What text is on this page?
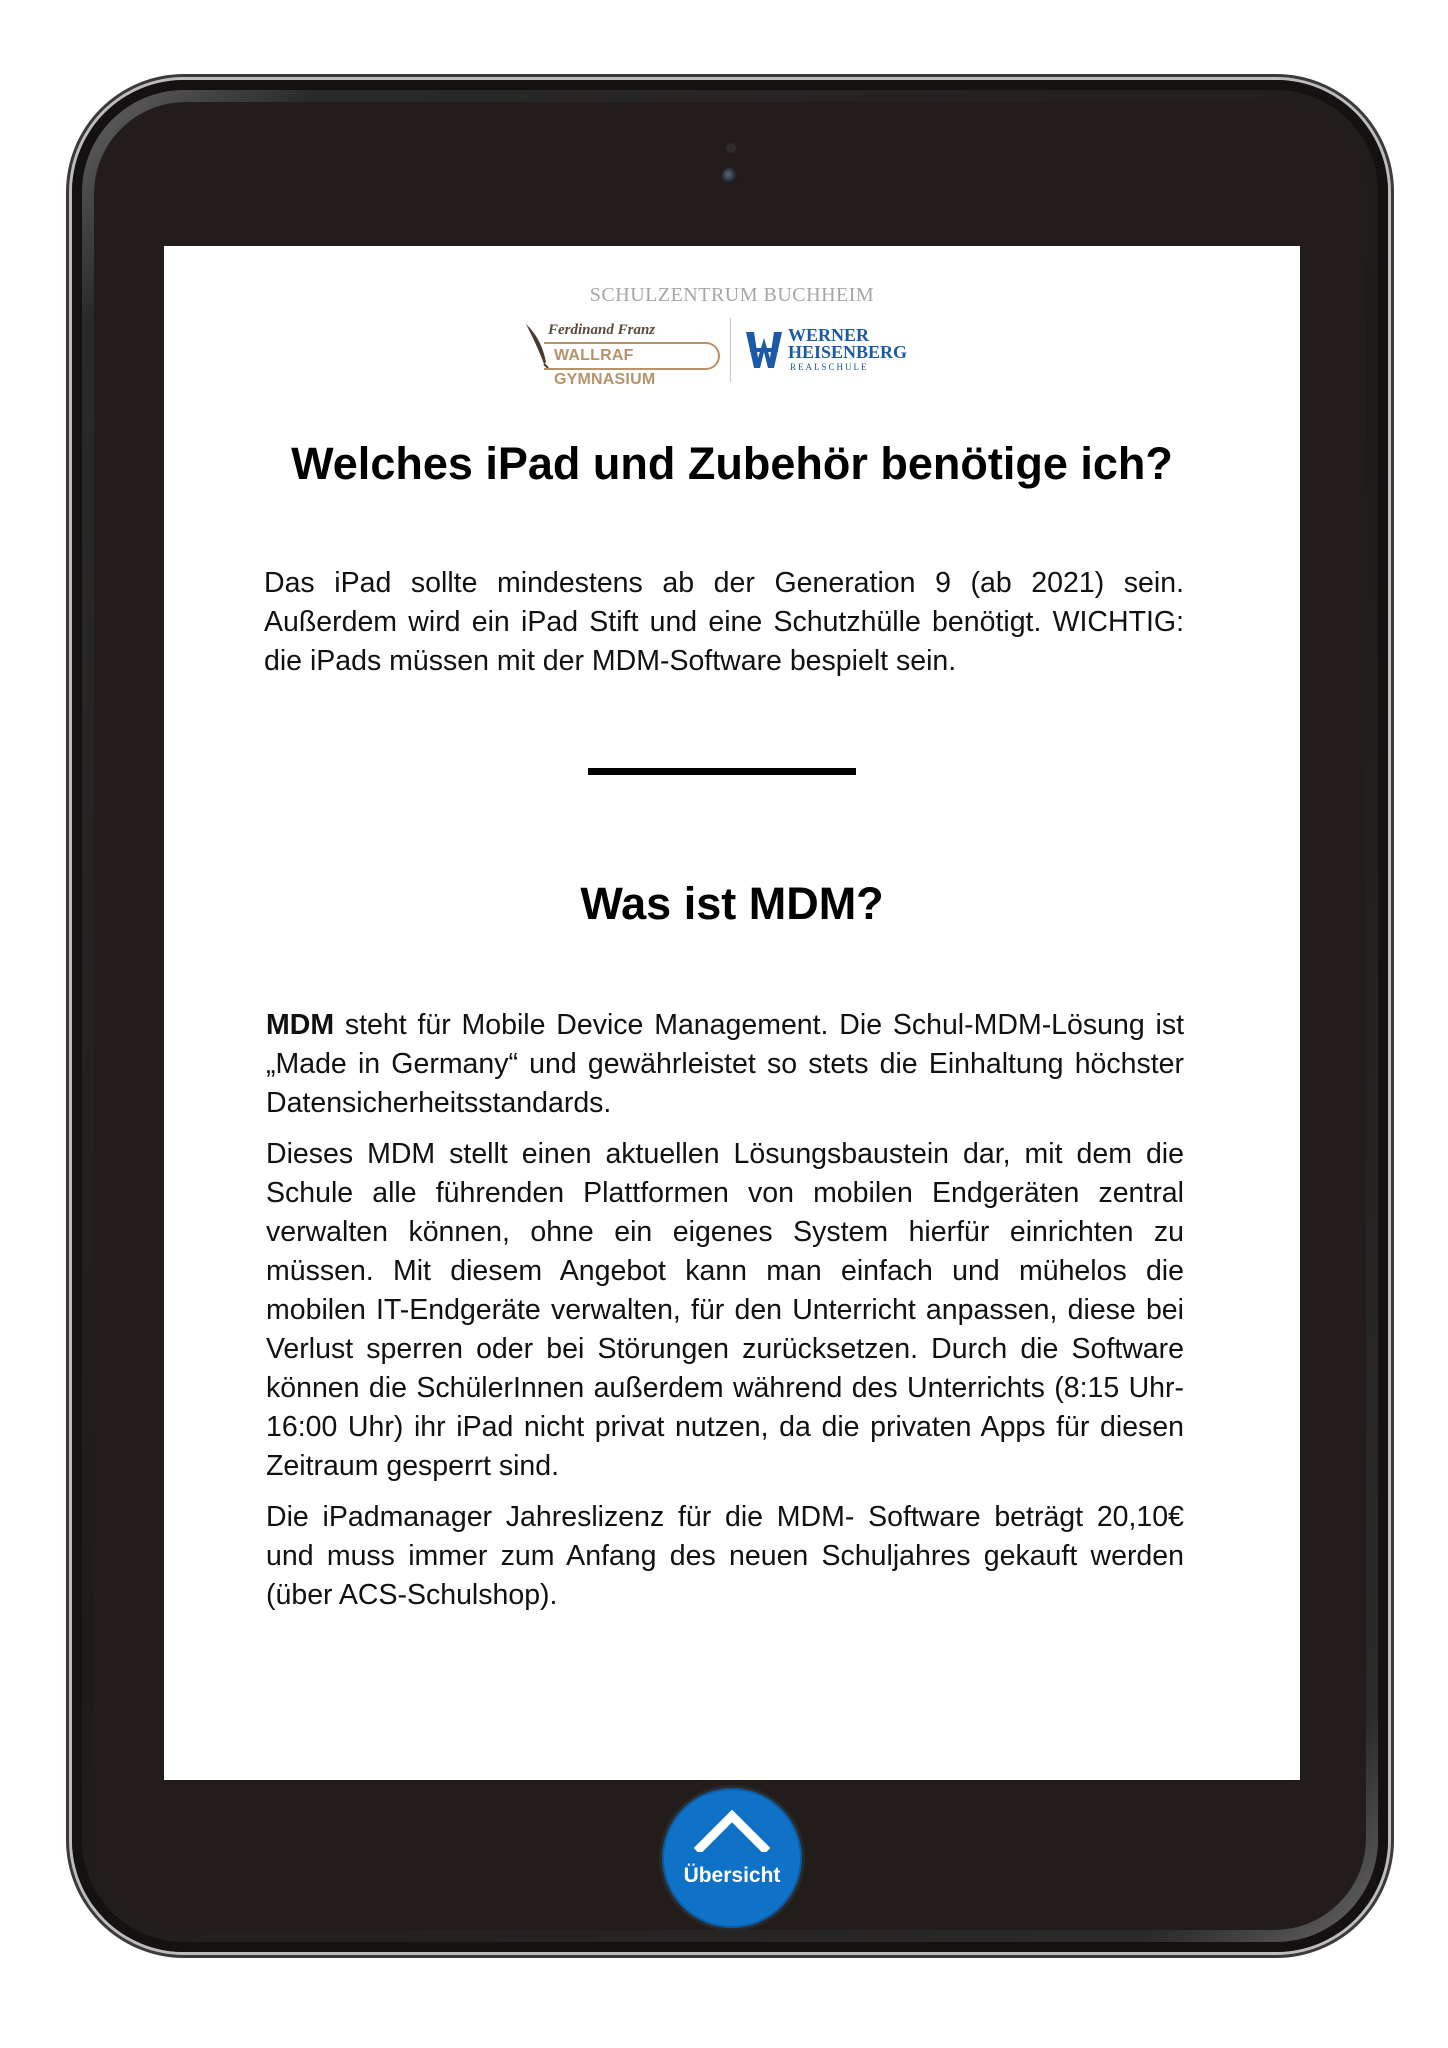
SCHULZENTRUM BUCHHEIM
Ferdinand Franz
WALLRAF GYMNASIUM
WERNER
HEISENBERG
REALSCHULE
Welches iPad und Zubehör benötige ich?
Das iPad sollte mindestens ab der Generation 9 (ab 2021) sein. Außerdem wird ein iPad Stift und eine Schutzhülle benötigt. WICHTIG: die iPads müssen mit der MDM-Software bespielt sein.
Was ist MDM?

MDM steht für Mobile Device Management. Die Schul-MDM-Lösung ist „Made in Germany“ und gewährleistet so stets die Einhaltung höchster Datensicherheitsstandards.

Dieses MDM stellt einen aktuellen Lösungsbaustein dar, mit dem die Schule alle führenden Plattformen von mobilen Endgeräten zentral verwalten können, ohne ein eigenes System hierfür einrichten zu müssen. Mit diesem Angebot kann man einfach und mühelos die mobilen IT-Endgeräte verwalten, für den Unterricht anpassen, diese bei Verlust sperren oder bei Störungen zurücksetzen. Durch die Software können die SchülerInnen außerdem während des Unterrichts (8:15 Uhr- 16:00 Uhr) ihr iPad nicht privat nutzen, da die privaten Apps für diesen Zeitraum gesperrt sind.

Die iPadmanager Jahreslizenz für die MDM- Software beträgt 20,10€ und muss immer zum Anfang des neuen Schuljahres gekauft werden (über ACS-Schulshop).

Übersicht
